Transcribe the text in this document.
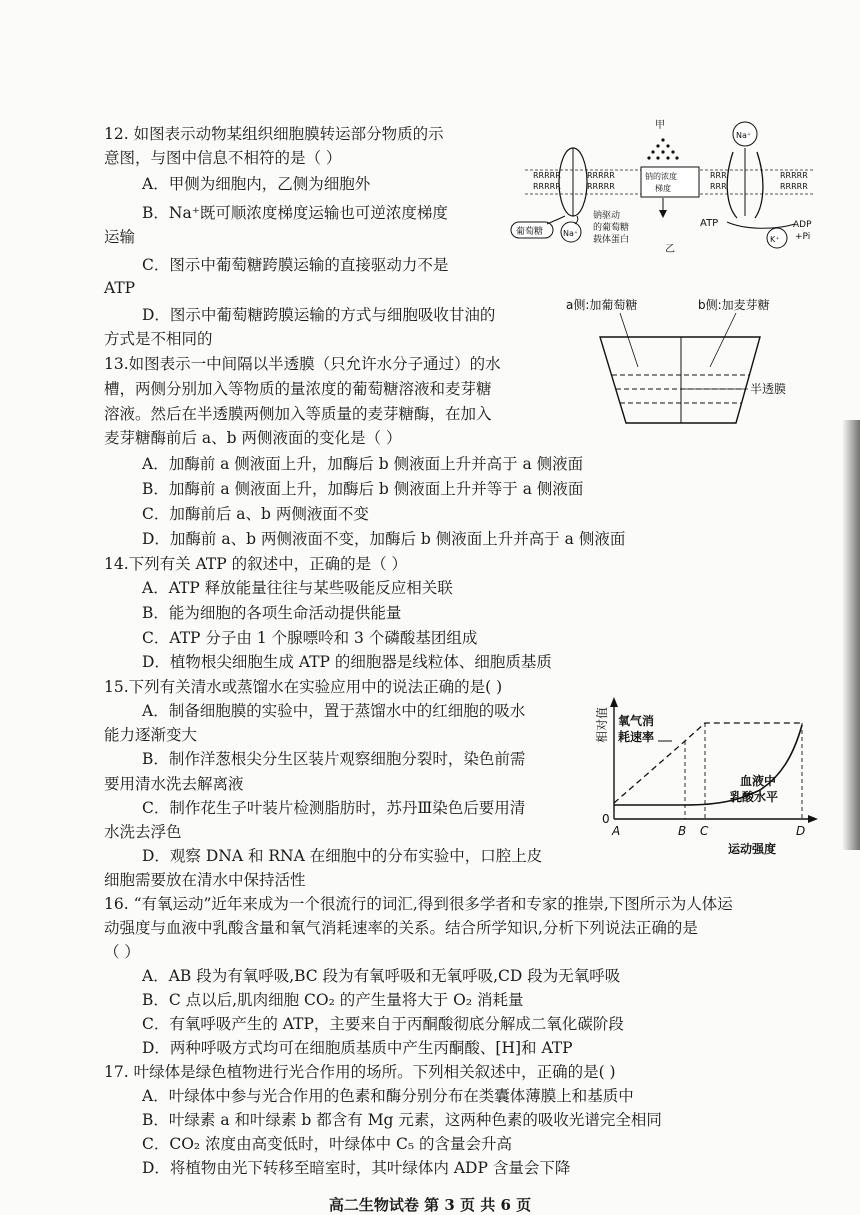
12. 如图表示动物某组织细胞膜转运部分物质的示
意图，与图中信息不相符的是（ ）
A．甲侧为细胞内，乙侧为细胞外
B．Na⁺既可顺浓度梯度运输也可逆浓度梯度
运输
C．图示中葡萄糖跨膜运输的直接驱动力不是
ATP
D．图示中葡萄糖跨膜运输的方式与细胞吸收甘油的
方式是不相同的
RRRRR
RRRRR
RRRRR
RRRRR
RRR
RRR
RRRRR
RRRRR
钠的浓度
梯度
甲
乙
Na⁺
ATP	ADP
+Pi
K⁺
葡萄糖 Na⁺
钠驱动
的葡萄糖
载体蛋白
a侧:加葡萄糖	b侧:加麦芽糖
半透膜
13.如图表示一中间隔以半透膜（只允许水分子通过）的水
槽，两侧分别加入等物质的量浓度的葡萄糖溶液和麦芽糖
溶液。然后在半透膜两侧加入等质量的麦芽糖酶，在加入
麦芽糖酶前后 a、b 两侧液面的变化是（ ）
A．加酶前 a 侧液面上升，加酶后 b 侧液面上升并高于 a 侧液面
B．加酶前 a 侧液面上升，加酶后 b 侧液面上升并等于 a 侧液面
C．加酶前后 a、b 两侧液面不变
D．加酶前 a、b 两侧液面不变，加酶后 b 侧液面上升并高于 a 侧液面
14.下列有关 ATP 的叙述中，正确的是（ ）
A．ATP 释放能量往往与某些吸能反应相关联
B．能为细胞的各项生命活动提供能量
C．ATP 分子由 1 个腺嘌呤和 3 个磷酸基团组成
D．植物根尖细胞生成 ATP 的细胞器是线粒体、细胞质基质
15.下列有关清水或蒸馏水在实验应用中的说法正确的是( )
A．制备细胞膜的实验中，置于蒸馏水中的红细胞的吸水
能力逐渐变大
B．制作洋葱根尖分生区装片观察细胞分裂时，染色前需
要用清水洗去解离液
C．制作花生子叶装片检测脂肪时，苏丹Ⅲ染色后要用清
水洗去浮色
D．观察 DNA 和 RNA 在细胞中的分布实验中，口腔上皮
细胞需要放在清水中保持活性
相对值
0
氧气消
耗速率
血液中
乳酸水平
A	B C	D
运动强度
16. “有氧运动”近年来成为一个很流行的词汇,得到很多学者和专家的推崇,下图所示为人体运
动强度与血液中乳酸含量和氧气消耗速率的关系。结合所学知识,分析下列说法正确的是
（ ）
A．AB 段为有氧呼吸,BC 段为有氧呼吸和无氧呼吸,CD 段为无氧呼吸
B．C 点以后,肌肉细胞 CO₂ 的产生量将大于 O₂ 消耗量
C．有氧呼吸产生的 ATP，主要来自于丙酮酸彻底分解成二氧化碳阶段
D．两种呼吸方式均可在细胞质基质中产生丙酮酸、[H]和 ATP
17. 叶绿体是绿色植物进行光合作用的场所。下列相关叙述中，正确的是( )
A．叶绿体中参与光合作用的色素和酶分别分布在类囊体薄膜上和基质中
B．叶绿素 a 和叶绿素 b 都含有 Mg 元素，这两种色素的吸收光谱完全相同
C．CO₂ 浓度由高变低时，叶绿体中 C₅ 的含量会升高
D．将植物由光下转移至暗室时，其叶绿体内 ADP 含量会下降
高二生物试卷 第 3 页 共 6 页
